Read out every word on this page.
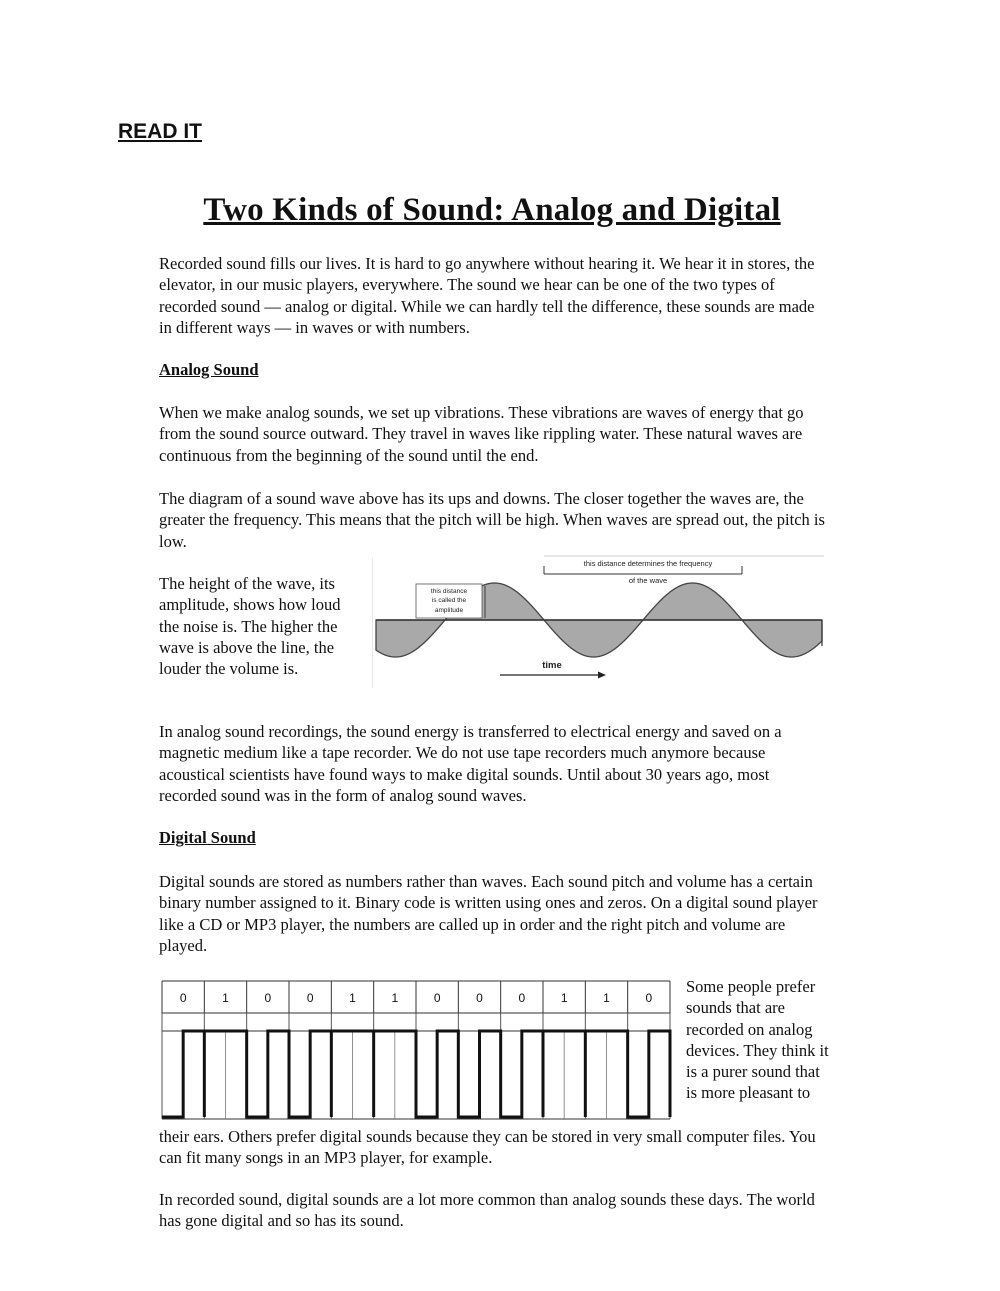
READ IT
Two Kinds of Sound: Analog and Digital
Recorded sound fills our lives. It is hard to go anywhere without hearing it. We hear it in stores, the elevator, in our music players, everywhere. The sound we hear can be one of the two types of recorded sound — analog or digital. While we can hardly tell the difference, these sounds are made in different ways — in waves or with numbers.
Analog Sound
When we make analog sounds, we set up vibrations. These vibrations are waves of energy that go from the sound source outward. They travel in waves like rippling water. These natural waves are continuous from the beginning of the sound until the end.
The diagram of a sound wave above has its ups and downs. The closer together the waves are, the greater the frequency. This means that the pitch will be high. When waves are spread out, the pitch is low.
The height of the wave, its amplitude, shows how loud the noise is. The higher the wave is above the line, the louder the volume is.
this distance determines the frequency
of the wave
this distance
is called the
amplitude
time
In analog sound recordings, the sound energy is transferred to electrical energy and saved on a magnetic medium like a tape recorder. We do not use tape recorders much anymore because acoustical scientists have found ways to make digital sounds. Until about 30 years ago, most recorded sound was in the form of analog sound waves.
Digital Sound
Digital sounds are stored as numbers rather than waves. Each sound pitch and volume has a certain binary number assigned to it. Binary code is written using ones and zeros. On a digital sound player like a CD or MP3 player, the numbers are called up in order and the right pitch and volume are played.
0	1	0	0	1	1	0	0	0	1	1	0
Some people prefer sounds that are recorded on analog devices. They think it is a purer sound that is more pleasant to
their ears. Others prefer digital sounds because they can be stored in very small computer files. You can fit many songs in an MP3 player, for example.
In recorded sound, digital sounds are a lot more common than analog sounds these days. The world has gone digital and so has its sound.
